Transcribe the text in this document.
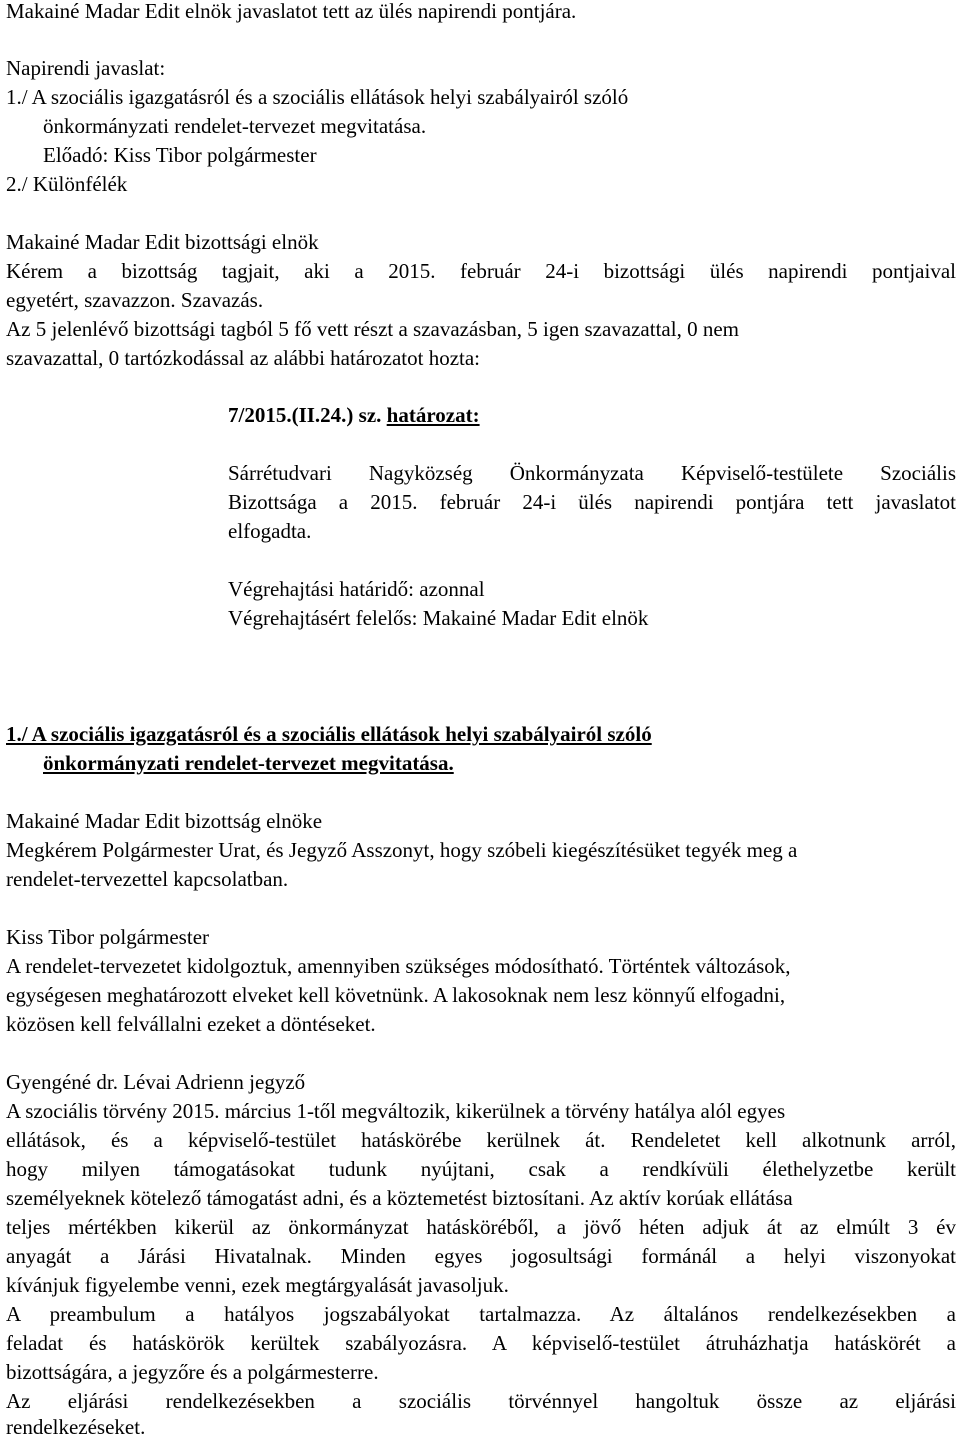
Makainé Madar Edit elnök javaslatot tett az ülés napirendi pontjára.
Napirendi javaslat:
1./ A szociális igazgatásról és a szociális ellátások helyi szabályairól szóló
önkormányzati rendelet-tervezet megvitatása.
Előadó: Kiss Tibor polgármester
2./ Különfélék
Makainé Madar Edit bizottsági elnök
Kérem a bizottság tagjait, aki a 2015. február 24-i bizottsági ülés napirendi pontjaival
egyetért, szavazzon. Szavazás.
Az 5 jelenlévő bizottsági tagból 5 fő vett részt a szavazásban, 5 igen szavazattal, 0 nem
szavazattal, 0 tartózkodással az alábbi határozatot hozta:
7/2015.(II.24.) sz. határozat:
Sárrétudvari Nagyközség Önkormányzata Képviselő-testülete Szociális
Bizottsága a 2015. február 24-i ülés napirendi pontjára tett javaslatot
elfogadta.
Végrehajtási határidő: azonnal
Végrehajtásért felelős: Makainé Madar Edit elnök
1./ A szociális igazgatásról és a szociális ellátások helyi szabályairól szóló
önkormányzati rendelet-tervezet megvitatása.
Makainé Madar Edit bizottság elnöke
Megkérem Polgármester Urat, és Jegyző Asszonyt, hogy szóbeli kiegészítésüket tegyék meg a
rendelet-tervezettel kapcsolatban.
Kiss Tibor polgármester
A rendelet-tervezetet kidolgoztuk, amennyiben szükséges módosítható. Történtek változások,
egységesen meghatározott elveket kell követnünk. A lakosoknak nem lesz könnyű elfogadni,
közösen kell felvállalni ezeket a döntéseket.
Gyengéné dr. Lévai Adrienn jegyző
A szociális törvény 2015. március 1-től megváltozik, kikerülnek a törvény hatálya alól egyes
ellátások, és a képviselő-testület hatáskörébe kerülnek át. Rendeletet kell alkotnunk arról,
hogy milyen támogatásokat tudunk nyújtani, csak a rendkívüli élethelyzetbe került
személyeknek kötelező támogatást adni, és a köztemetést biztosítani. Az aktív korúak ellátása
teljes mértékben kikerül az önkormányzat hatásköréből, a jövő héten adjuk át az elmúlt 3 év
anyagát a Járási Hivatalnak. Minden egyes jogosultsági formánál a helyi viszonyokat
kívánjuk figyelembe venni, ezek megtárgyalását javasoljuk.
A preambulum a hatályos jogszabályokat tartalmazza. Az általános rendelkezésekben a
feladat és hatáskörök kerültek szabályozásra. A képviselő-testület átruházhatja hatáskörét a
bizottságára, a jegyzőre és a polgármesterre.
Az eljárási rendelkezésekben a szociális törvénnyel hangoltuk össze az eljárási
rendelkezéseket.
